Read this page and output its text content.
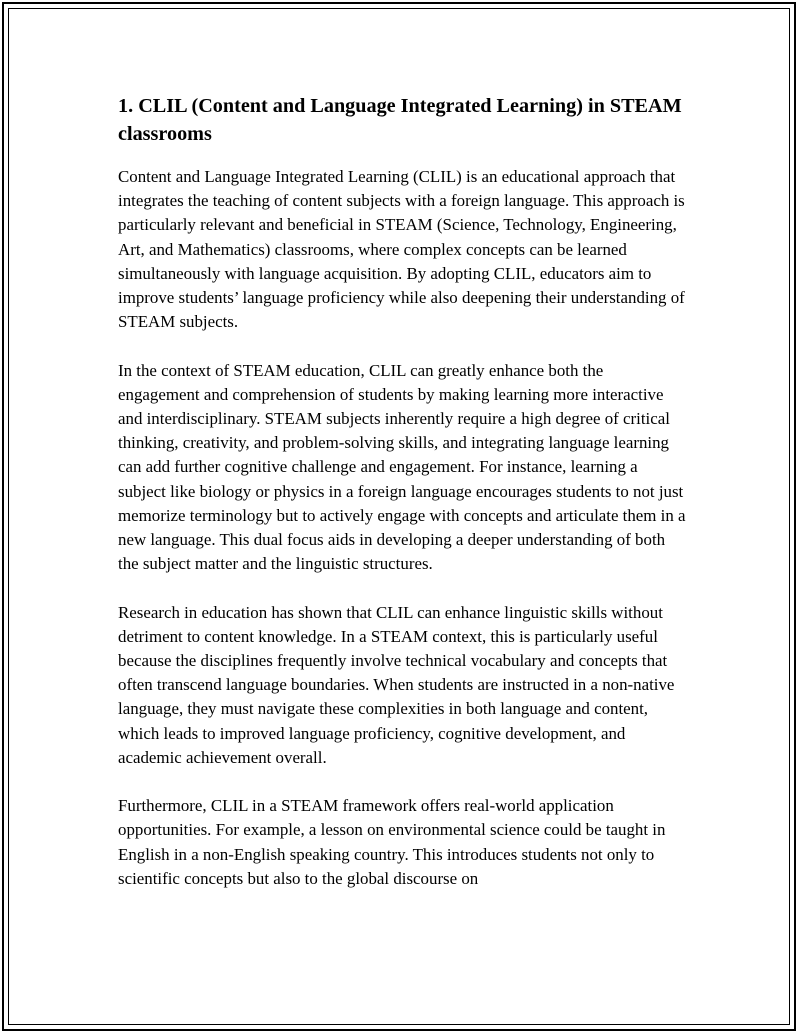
1. CLIL (Content and Language Integrated Learning) in STEAM classrooms

Content and Language Integrated Learning (CLIL) is an educational approach that integrates the teaching of content subjects with a foreign language. This approach is particularly relevant and beneficial in STEAM (Science, Technology, Engineering, Art, and Mathematics) classrooms, where complex concepts can be learned simultaneously with language acquisition. By adopting CLIL, educators aim to improve students’ language proficiency while also deepening their understanding of STEAM subjects.

In the context of STEAM education, CLIL can greatly enhance both the engagement and comprehension of students by making learning more interactive and interdisciplinary. STEAM subjects inherently require a high degree of critical thinking, creativity, and problem-solving skills, and integrating language learning can add further cognitive challenge and engagement. For instance, learning a subject like biology or physics in a foreign language encourages students to not just memorize terminology but to actively engage with concepts and articulate them in a new language. This dual focus aids in developing a deeper understanding of both the subject matter and the linguistic structures.

Research in education has shown that CLIL can enhance linguistic skills without detriment to content knowledge. In a STEAM context, this is particularly useful because the disciplines frequently involve technical vocabulary and concepts that often transcend language boundaries. When students are instructed in a non-native language, they must navigate these complexities in both language and content, which leads to improved language proficiency, cognitive development, and academic achievement overall.

Furthermore, CLIL in a STEAM framework offers real-world application opportunities. For example, a lesson on environmental science could be taught in English in a non-English speaking country. This introduces students not only to scientific concepts but also to the global discourse on
